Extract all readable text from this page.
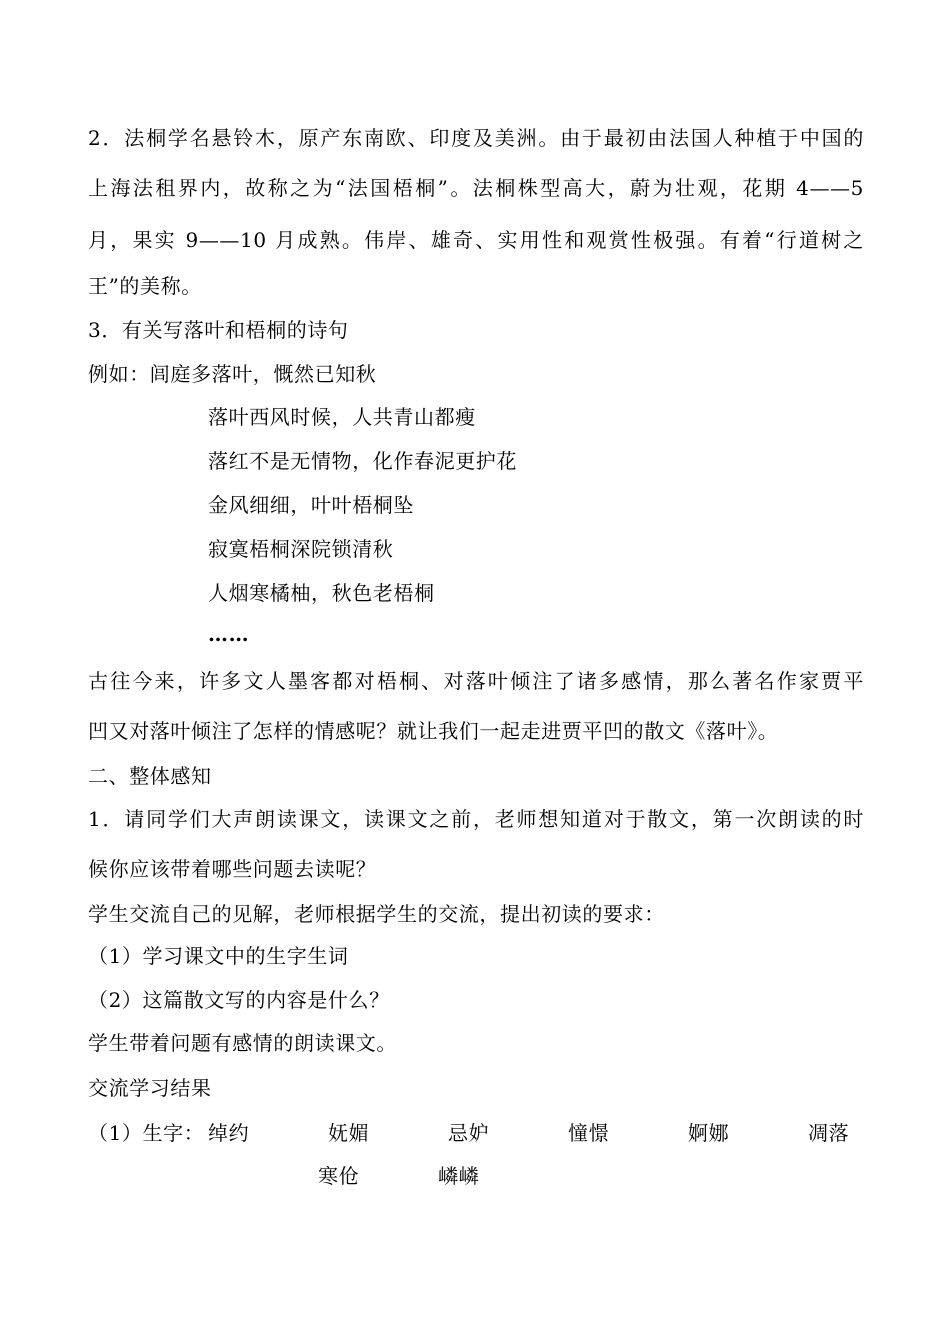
2．法桐学名悬铃木，原产东南欧、印度及美洲。由于最初由法国人种植于中国的
上海法租界内，故称之为“法国梧桐”。法桐株型高大，蔚为壮观，花期 4——5
月，果实 9——10 月成熟。伟岸、雄奇、实用性和观赏性极强。有着“行道树之
王”的美称。
3．有关写落叶和梧桐的诗句
例如：闾庭多落叶，慨然已知秋
落叶西风时候，人共青山都瘦
落红不是无情物，化作春泥更护花
金风细细，叶叶梧桐坠
寂寞梧桐深院锁清秋
人烟寒橘柚，秋色老梧桐
……
古往今来，许多文人墨客都对梧桐、对落叶倾注了诸多感情，那么著名作家贾平
凹又对落叶倾注了怎样的情感呢？就让我们一起走进贾平凹的散文《落叶》。
二、整体感知
1．请同学们大声朗读课文，读课文之前，老师想知道对于散文，第一次朗读的时
候你应该带着哪些问题去读呢？
学生交流自己的见解，老师根据学生的交流，提出初读的要求：
（1）学习课文中的生字生词
（2）这篇散文写的内容是什么？
学生带着问题有感情的朗读课文。
交流学习结果
（1）生字： 绰约	妩媚	忌妒	憧憬	婀娜	凋落
寒伧	嶙嶙
